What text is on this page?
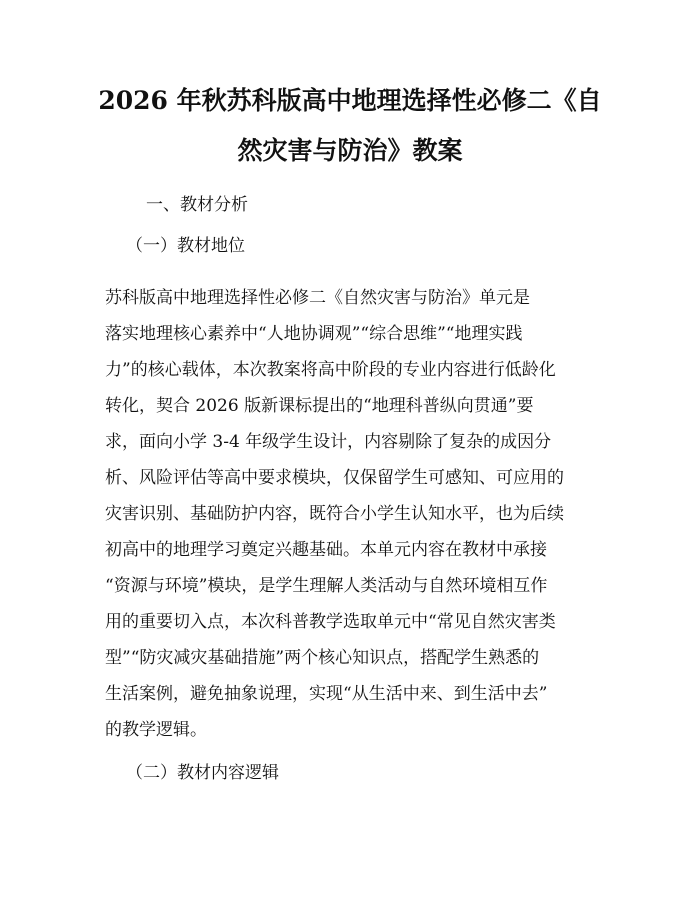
2026 年秋苏科版高中地理选择性必修二《自
然灾害与防治》教案
一、教材分析
（一）教材地位
苏科版高中地理选择性必修二《自然灾害与防治》单元是
落实地理核心素养中“人地协调观”“综合思维”“地理实践
力”的核心载体，本次教案将高中阶段的专业内容进行低龄化
转化，契合 2026 版新课标提出的“地理科普纵向贯通”要
求，面向小学 3-4 年级学生设计，内容剔除了复杂的成因分
析、风险评估等高中要求模块，仅保留学生可感知、可应用的
灾害识别、基础防护内容，既符合小学生认知水平，也为后续
初高中的地理学习奠定兴趣基础。本单元内容在教材中承接
“资源与环境”模块，是学生理解人类活动与自然环境相互作
用的重要切入点，本次科普教学选取单元中“常见自然灾害类
型”“防灾减灾基础措施”两个核心知识点，搭配学生熟悉的
生活案例，避免抽象说理，实现“从生活中来、到生活中去”
的教学逻辑。
（二）教材内容逻辑
